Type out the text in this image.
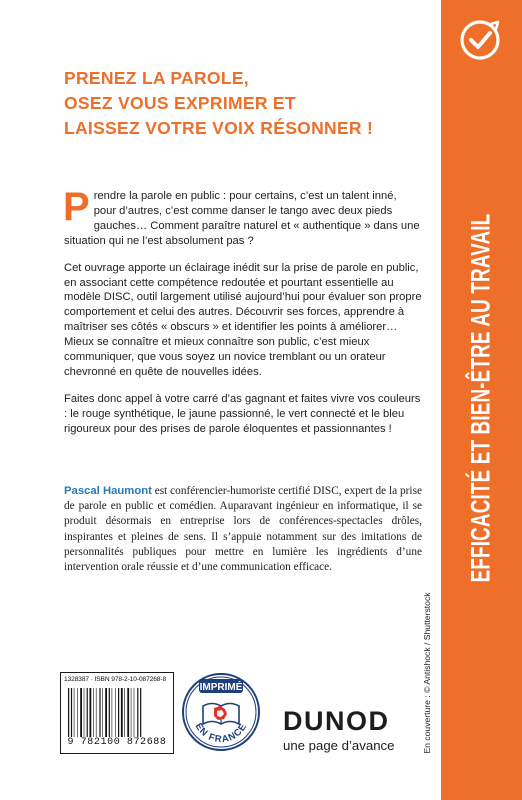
EFFICACITÉ ET BIEN-ÊTRE AU TRAVAIL
PRENEZ LA PAROLE,
OSEZ VOUS EXPRIMER ET
LAISSEZ VOTRE VOIX RÉSONNER !

Prendre la parole en public : pour certains, c’est un talent inné, pour d’autres, c’est comme danser le tango avec deux pieds gauches… Comment paraître naturel et « authentique » dans une situation qui ne l’est absolument pas ?

Cet ouvrage apporte un éclairage inédit sur la prise de parole en public, en associant cette compétence redoutée et pourtant essentielle au modèle DISC, outil largement utilisé aujourd’hui pour évaluer son propre comportement et celui des autres. Découvrir ses forces, apprendre à maîtriser ses côtés « obscurs » et identifier les points à améliorer… Mieux se connaître et mieux connaître son public, c’est mieux communiquer, que vous soyez un novice tremblant ou un orateur chevronné en quête de nouvelles idées.

Faites donc appel à votre carré d’as gagnant et faites vivre vos couleurs : le rouge synthétique, le jaune passionné, le vert connecté et le bleu rigoureux pour des prises de parole éloquentes et passionnantes !

Pascal Haumont est conférencier-humoriste certifié DISC, expert de la prise de parole en public et comédien. Auparavant ingénieur en informatique, il se produit désormais en entreprise lors de conférences-spectacles drôles, inspirantes et pleines de sens. Il s’appuie notamment sur des imitations de personnalités publiques pour mettre en lumière les ingrédients d’une intervention orale réussie et d’une communication efficace.
En couverture : © Antishock / Shutterstock
1328387 · ISBN 978-2-10-087268-8
9 782100 872688
IMPRIMÉ
EN FRANCE DUNOD
une page d’avance
